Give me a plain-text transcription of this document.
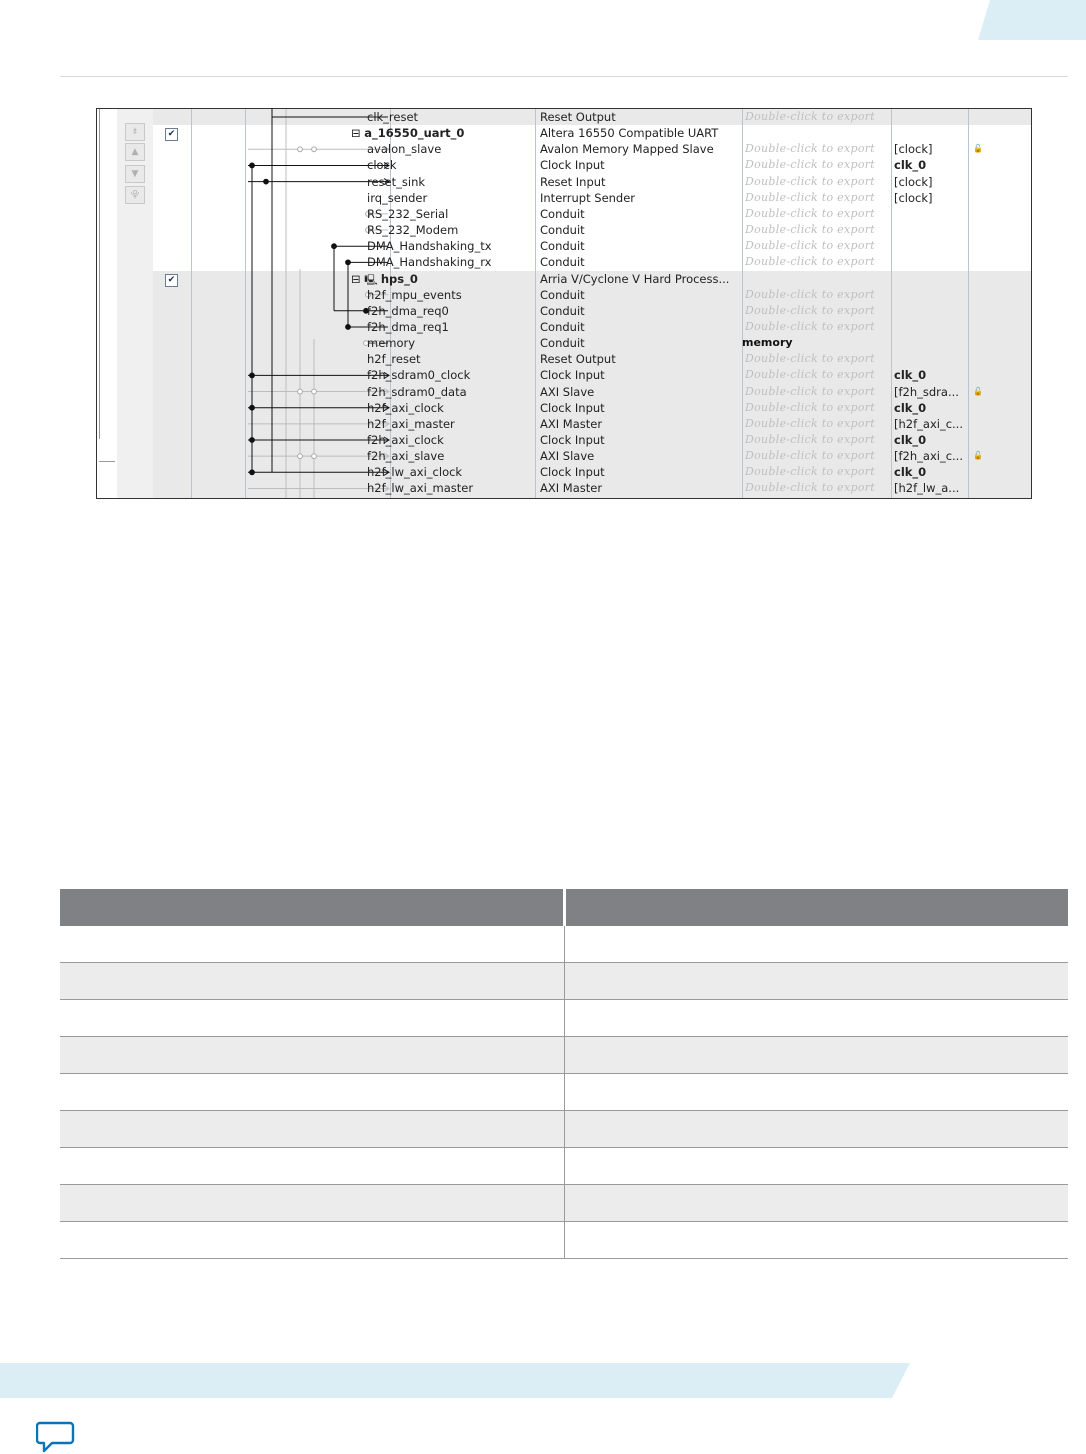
⯒
▲
▼
⯓
✔
✔
clk_reset	Reset Output	Double-click to export
⊟ a_16550_uart_0	Altera 16550 Compatible UART
avalon_slave	Avalon Memory Mapped Slave	Double-click to export	[clock]	🔓
clock	Clock Input	Double-click to export	clk_0
reset_sink	Reset Input	Double-click to export	[clock]
irq_sender	Interrupt Sender	Double-click to export	[clock]
RS_232_Serial	Conduit	Double-click to export
RS_232_Modem	Conduit	Double-click to export
DMA_Handshaking_tx	Conduit	Double-click to export
DMA_Handshaking_rx	Conduit	Double-click to export
⊟ 🖳 hps_0	Arria V/Cyclone V Hard Process...
h2f_mpu_events	Conduit	Double-click to export
f2h_dma_req0	Conduit	Double-click to export
f2h_dma_req1	Conduit	Double-click to export
memory	Conduit	memory
h2f_reset	Reset Output	Double-click to export
f2h_sdram0_clock	Clock Input	Double-click to export	clk_0
f2h_sdram0_data	AXI Slave	Double-click to export	[f2h_sdra...	🔓
h2f_axi_clock	Clock Input	Double-click to export	clk_0
h2f_axi_master	AXI Master	Double-click to export	[h2f_axi_c...
f2h_axi_clock	Clock Input	Double-click to export	clk_0
f2h_axi_slave	AXI Slave	Double-click to export	[f2h_axi_c...	🔓
h2f_lw_axi_clock	Clock Input	Double-click to export	clk_0
h2f_lw_axi_master	AXI Master	Double-click to export	[h2f_lw_a...
